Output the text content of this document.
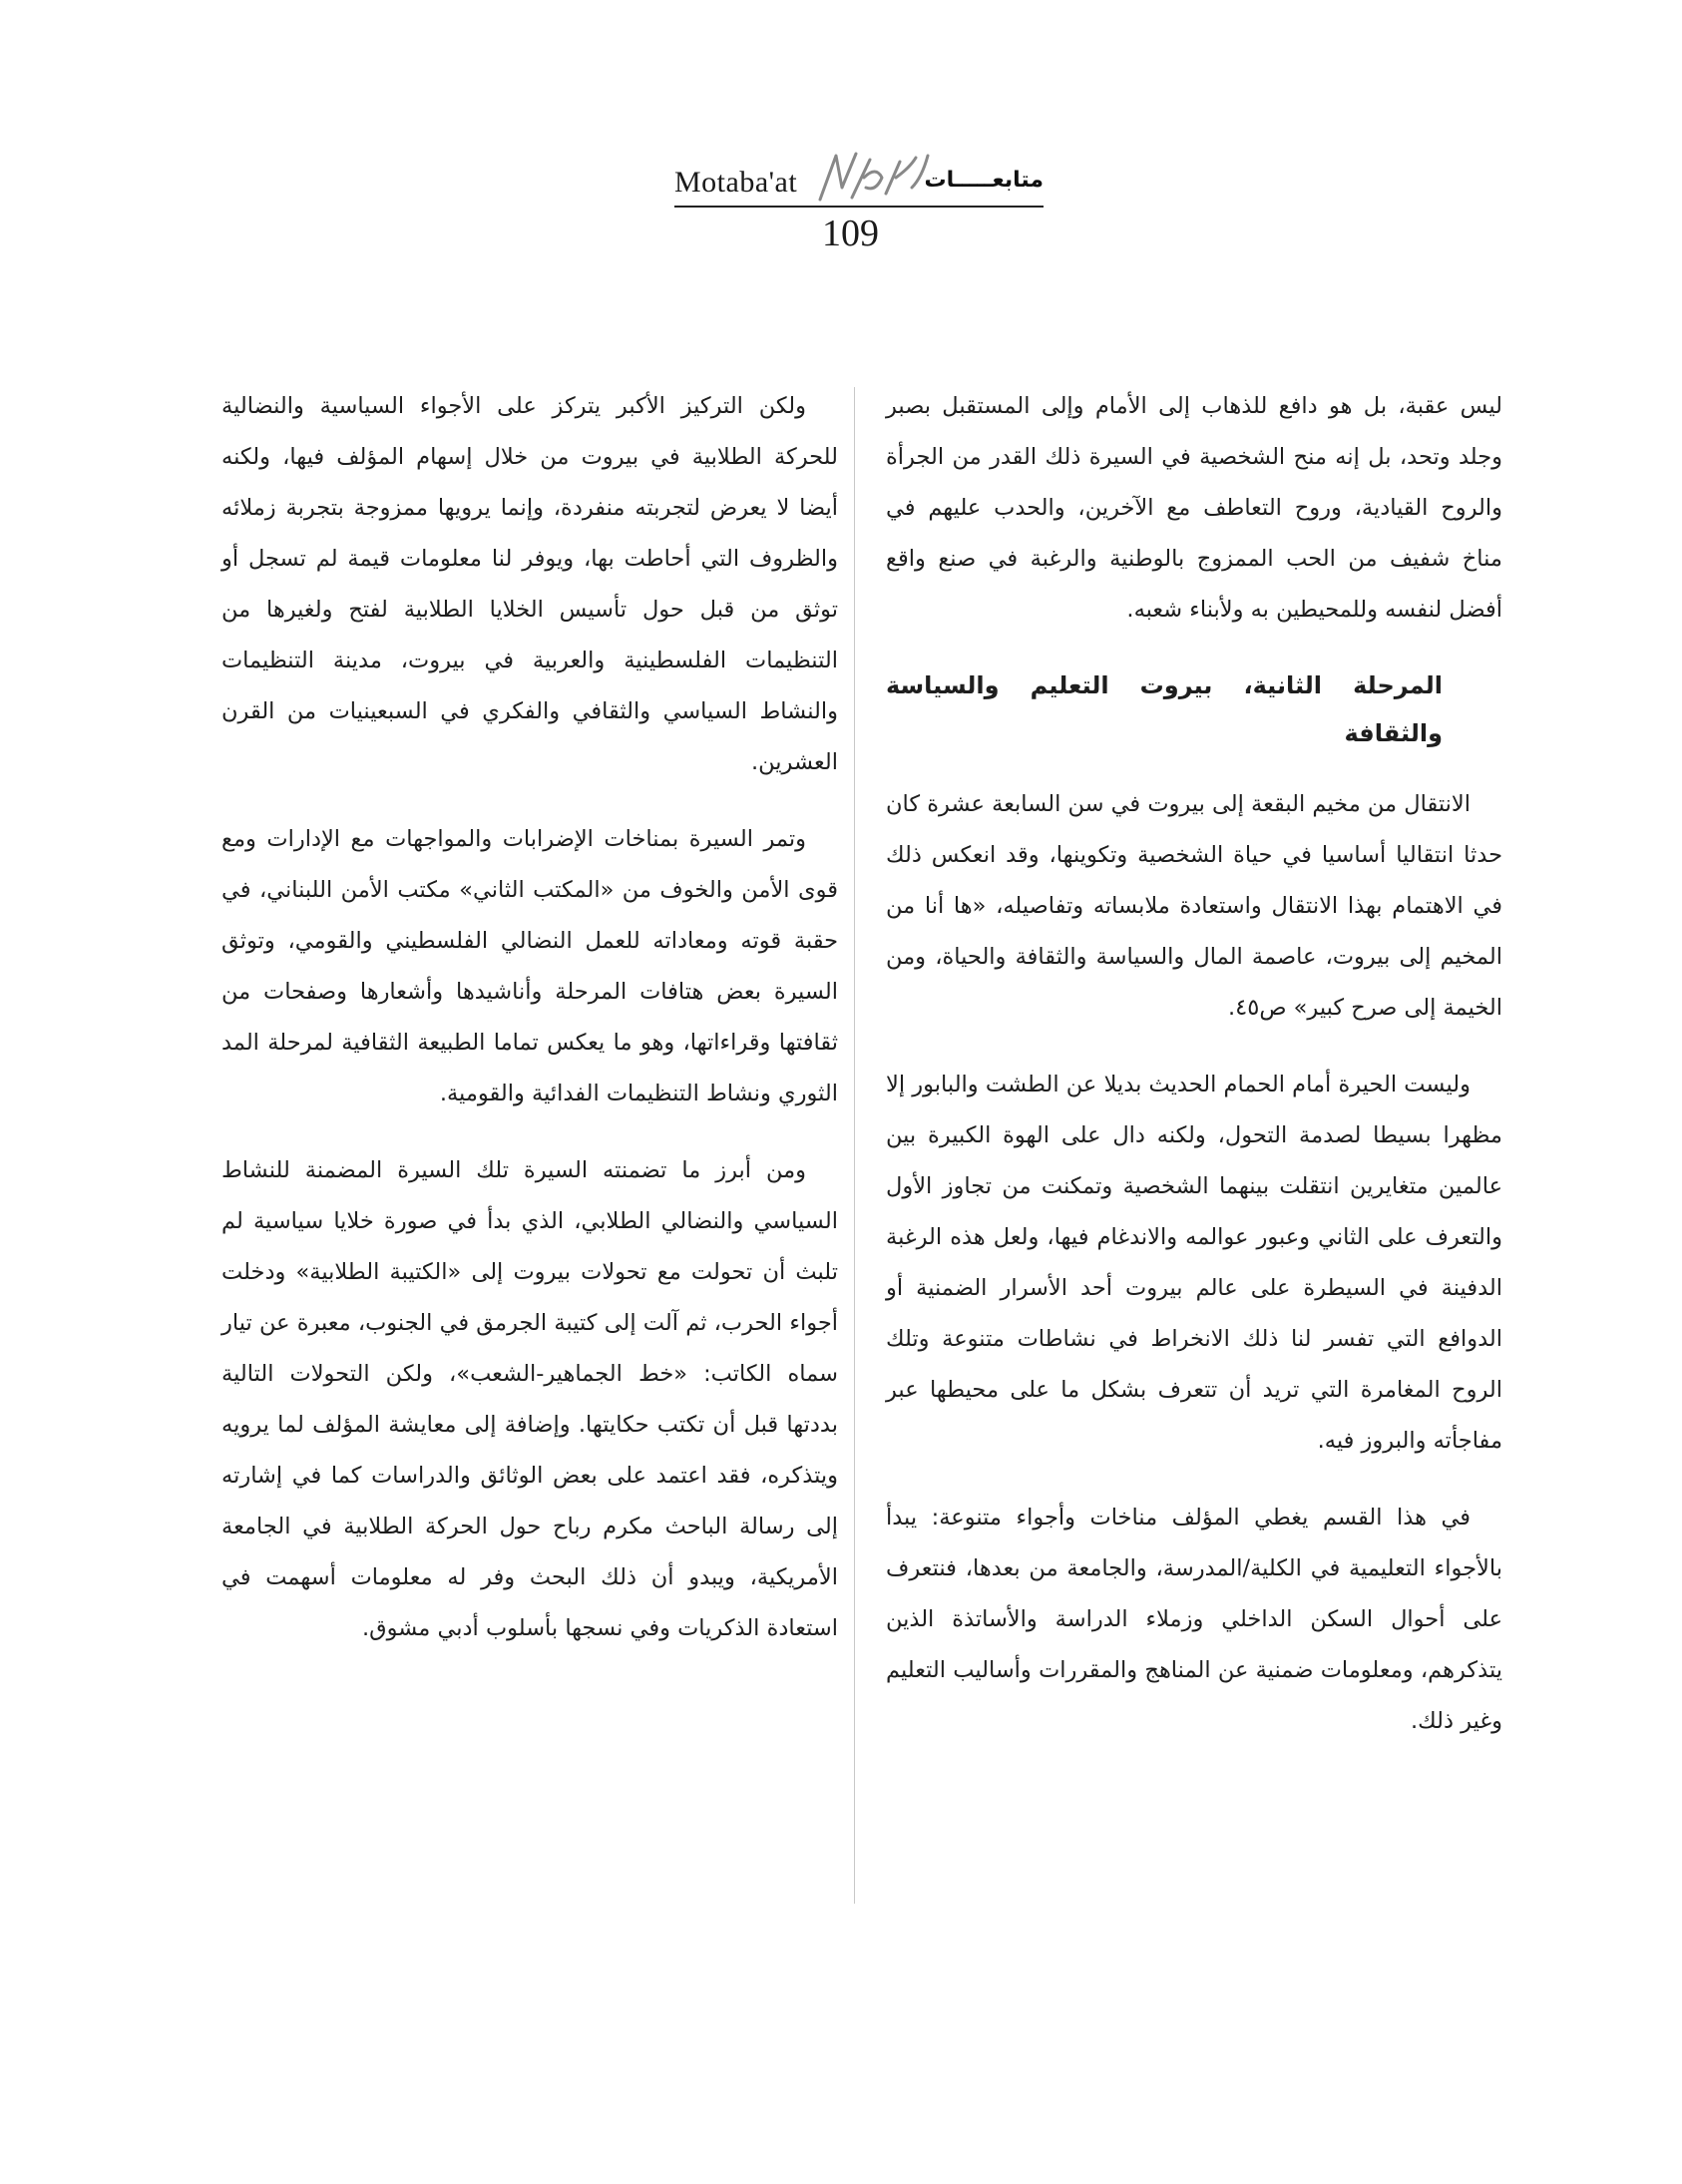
Motaba'at	متابعـــــات
109

ليس عقبة، بل هو دافع للذهاب إلى الأمام وإلى المستقبل بصبر وجلد وتحد، بل إنه منح الشخصية في السيرة ذلك القدر من الجرأة والروح القيادية، وروح التعاطف مع الآخرين، والحدب عليهم في مناخ شفيف من الحب الممزوج بالوطنية والرغبة في صنع واقع أفضل لنفسه وللمحيطين به ولأبناء شعبه.

المرحلة الثانية، بيروت التعليم والسياسة والثقافة

الانتقال من مخيم البقعة إلى بيروت في سن السابعة عشرة كان حدثا انتقاليا أساسيا في حياة الشخصية وتكوينها، وقد انعكس ذلك في الاهتمام بهذا الانتقال واستعادة ملابساته وتفاصيله، «ها أنا من المخيم إلى بيروت، عاصمة المال والسياسة والثقافة والحياة، ومن الخيمة إلى صرح كبير» ص٤٥.

وليست الحيرة أمام الحمام الحديث بديلا عن الطشت والبابور إلا مظهرا بسيطا لصدمة التحول، ولكنه دال على الهوة الكبيرة بين عالمين متغايرين انتقلت بينهما الشخصية وتمكنت من تجاوز الأول والتعرف على الثاني وعبور عوالمه والاندغام فيها، ولعل هذه الرغبة الدفينة في السيطرة على عالم بيروت أحد الأسرار الضمنية أو الدوافع التي تفسر لنا ذلك الانخراط في نشاطات متنوعة وتلك الروح المغامرة التي تريد أن تتعرف بشكل ما على محيطها عبر مفاجأته والبروز فيه.

في هذا القسم يغطي المؤلف مناخات وأجواء متنوعة: يبدأ بالأجواء التعليمية في الكلية/المدرسة، والجامعة من بعدها، فنتعرف على أحوال السكن الداخلي وزملاء الدراسة والأساتذة الذين يتذكرهم، ومعلومات ضمنية عن المناهج والمقررات وأساليب التعليم وغير ذلك.

ولكن التركيز الأكبر يتركز على الأجواء السياسية والنضالية للحركة الطلابية في بيروت من خلال إسهام المؤلف فيها، ولكنه أيضا لا يعرض لتجربته منفردة، وإنما يرويها ممزوجة بتجربة زملائه والظروف التي أحاطت بها، ويوفر لنا معلومات قيمة لم تسجل أو توثق من قبل حول تأسيس الخلايا الطلابية لفتح ولغيرها من التنظيمات الفلسطينية والعربية في بيروت، مدينة التنظيمات والنشاط السياسي والثقافي والفكري في السبعينيات من القرن العشرين.

وتمر السيرة بمناخات الإضرابات والمواجهات مع الإدارات ومع قوى الأمن والخوف من «المكتب الثاني» مكتب الأمن اللبناني، في حقبة قوته ومعاداته للعمل النضالي الفلسطيني والقومي، وتوثق السيرة بعض هتافات المرحلة وأناشيدها وأشعارها وصفحات من ثقافتها وقراءاتها، وهو ما يعكس تماما الطبيعة الثقافية لمرحلة المد الثوري ونشاط التنظيمات الفدائية والقومية.

ومن أبرز ما تضمنته السيرة تلك السيرة المضمنة للنشاط السياسي والنضالي الطلابي، الذي بدأ في صورة خلايا سياسية لم تلبث أن تحولت مع تحولات بيروت إلى «الكتيبة الطلابية» ودخلت أجواء الحرب، ثم آلت إلى كتيبة الجرمق في الجنوب، معبرة عن تيار سماه الكاتب: «خط الجماهير-الشعب»، ولكن التحولات التالية بددتها قبل أن تكتب حكايتها. وإضافة إلى معايشة المؤلف لما يرويه ويتذكره، فقد اعتمد على بعض الوثائق والدراسات كما في إشارته إلى رسالة الباحث مكرم رباح حول الحركة الطلابية في الجامعة الأمريكية، ويبدو أن ذلك البحث وفر له معلومات أسهمت في استعادة الذكريات وفي نسجها بأسلوب أدبي مشوق.
